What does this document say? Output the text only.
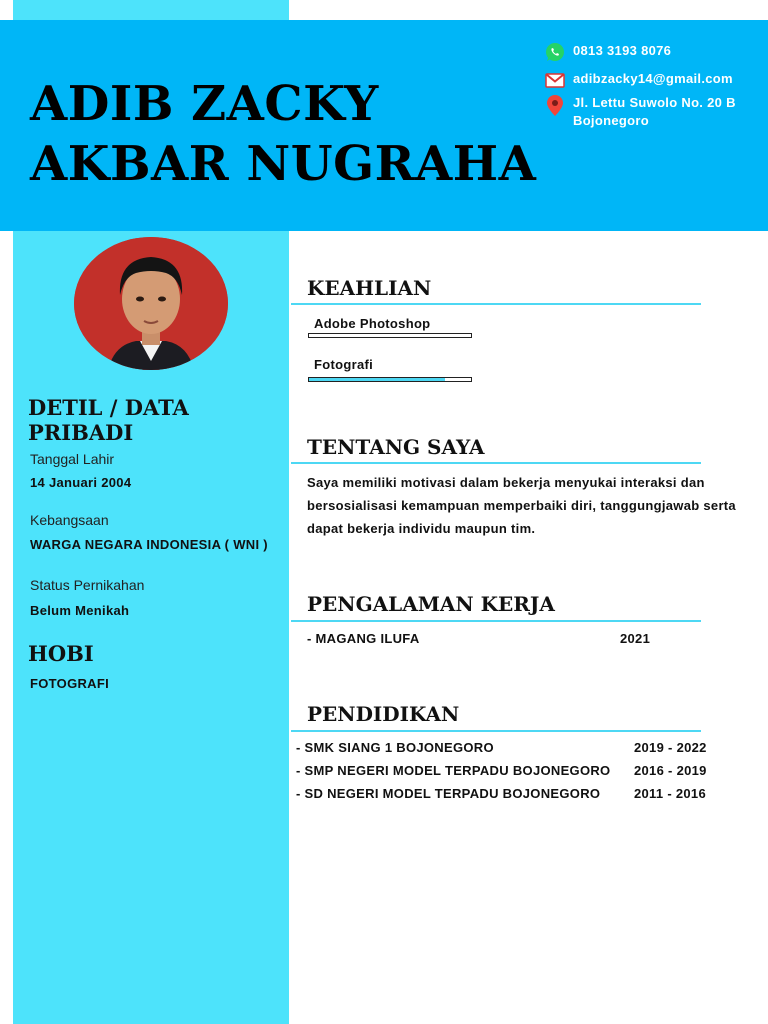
ADIB ZACKY
AKBAR NUGRAHA
0813 3193 8076
adibzacky14@gmail.com
Jl. Lettu Suwolo No. 20 B
Bojonegoro
DETIL / DATA PRIBADI
Tanggal Lahir
14 Januari 2004
Kebangsaan
WARGA NEGARA INDONESIA ( WNI )
Status Pernikahan
Belum Menikah
HOBI
FOTOGRAFI
KEAHLIAN
Adobe Photoshop
Fotografi
TENTANG SAYA
Saya memiliki motivasi dalam bekerja menyukai interaksi dan bersosialisasi kemampuan memperbaiki diri, tanggungjawab serta dapat bekerja individu maupun tim.
PENGALAMAN KERJA
- MAGANG ILUFA	2021
PENDIDIKAN
- SMK SIANG 1 BOJONEGORO	2019 - 2022
- SMP NEGERI MODEL TERPADU BOJONEGORO 2016 - 2019
- SD NEGERI MODEL TERPADU BOJONEGORO	2011 - 2016
